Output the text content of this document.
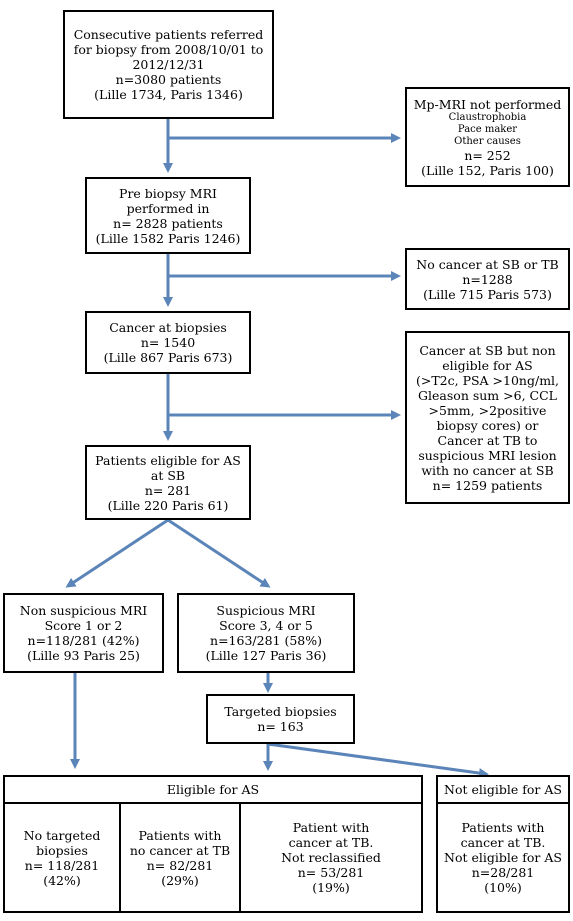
Consecutive patients referred
for biopsy from 2008/10/01 to
2012/12/31
n=3080 patients
(Lille 1734, Paris 1346)
Mp-MRI not performed
Claustrophobia
Pace maker
Other causes
n= 252
(Lille 152, Paris 100)
Pre biopsy MRI
performed in
n= 2828 patients
(Lille 1582 Paris 1246)
No cancer at SB or TB
n=1288
(Lille 715 Paris 573)
Cancer at biopsies
n= 1540
(Lille 867 Paris 673)	Cancer at SB but non
eligible for AS
(>T2c, PSA >10ng/ml,
Gleason sum >6, CCL
>5mm, >2positive
biopsy cores) or
Cancer at TB to
suspicious MRI lesion
with no cancer at SB
n= 1259 patients
Patients eligible for AS
at SB
n= 281
(Lille 220 Paris 61)
Non suspicious MRI
Score 1 or 2
n=118/281 (42%)
(Lille 93 Paris 25)
Suspicious MRI
Score 3, 4 or 5
n=163/281 (58%)
(Lille 127 Paris 36)
Targeted biopsies
n= 163
Eligible for AS
No targeted
biopsies
n= 118/281
(42%)
Patients with
no cancer at TB
n= 82/281
(29%)
Patient with
cancer at TB.
Not reclassified
n= 53/281
(19%)
Not eligible for AS
Patients with
cancer at TB.
Not eligible for AS
n=28/281
(10%)
